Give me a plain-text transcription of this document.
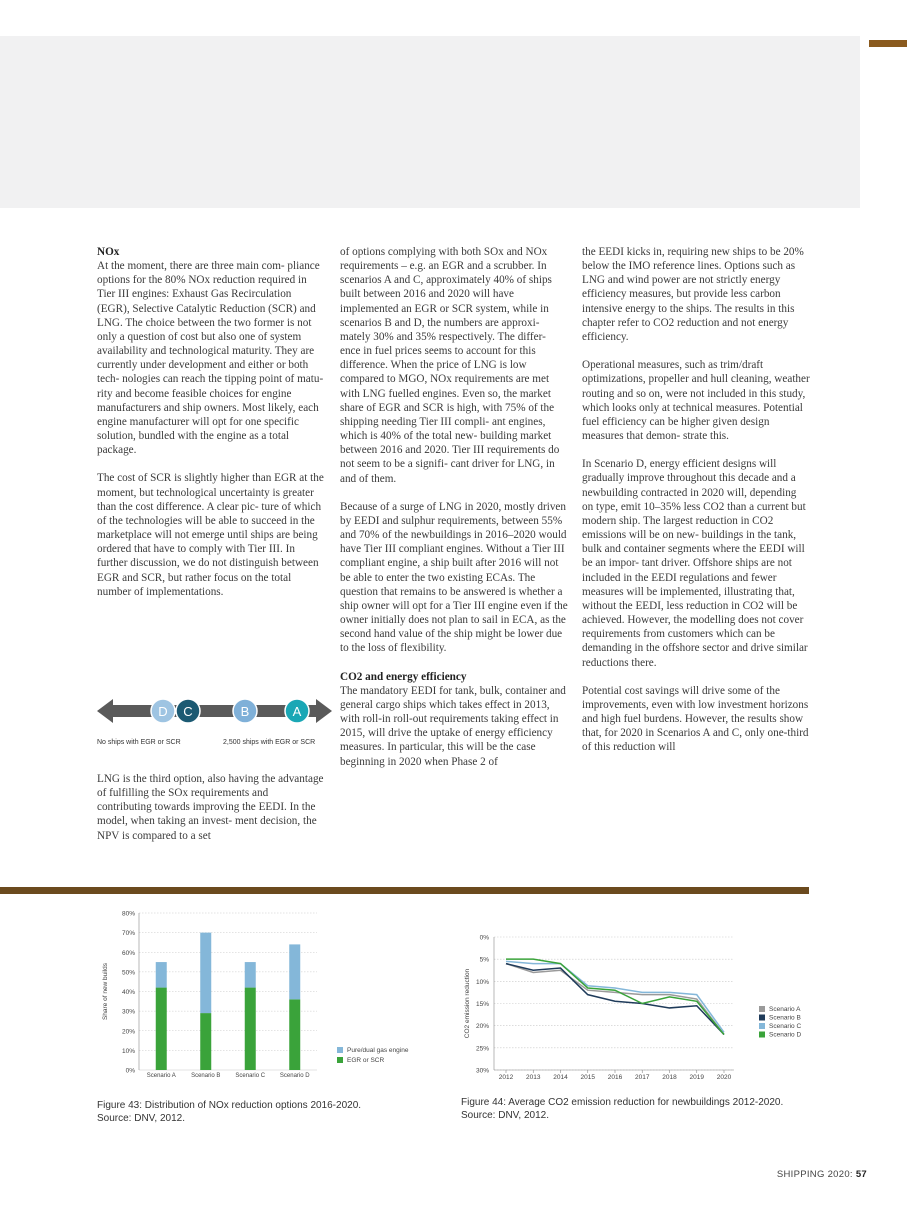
NOx

At the moment, there are three main com- pliance options for the 80% NOx reduction required in Tier III engines: Exhaust Gas Recirculation (EGR), Selective Catalytic Reduction (SCR) and LNG. The choice between the two former is not only a question of cost but also one of system availability and technological maturity. They are currently under development and either or both tech- nologies can reach the tipping point of matu- rity and become feasible choices for engine manufacturers and ship owners. Most likely, each engine manufacturer will opt for one specific solution, bundled with the engine as a total package.

The cost of SCR is slightly higher than EGR at the moment, but technological uncertainty is greater than the cost difference. A clear pic- ture of which of the technologies will be able to succeed in the marketplace will not emerge until ships are being ordered that have to comply with Tier III. In further discussion, we do not distinguish between EGR and SCR, but rather focus on the total number of implementations.

D C	B	A
No ships with EGR or SCR	2,500 ships with EGR or SCR

LNG is the third option, also having the advantage of fulfilling the SOx requirements and contributing towards improving the EEDI. In the model, when taking an invest- ment decision, the NPV is compared to a set

of options complying with both SOx and NOx requirements – e.g. an EGR and a scrubber. In scenarios A and C, approximately 40% of ships built between 2016 and 2020 will have implemented an EGR or SCR system, while in scenarios B and D, the numbers are approxi- mately 30% and 35% respectively. The differ- ence in fuel prices seems to account for this difference. When the price of LNG is low compared to MGO, NOx requirements are met with LNG fuelled engines. Even so, the market share of EGR and SCR is high, with 75% of the shipping needing Tier III compli- ant engines, which is 40% of the total new- building market between 2016 and 2020. Tier III requirements do not seem to be a signifi- cant driver for LNG, in and of them.

Because of a surge of LNG in 2020, mostly driven by EEDI and sulphur requirements, between 55% and 70% of the newbuildings in 2016–2020 would have Tier III compliant engines. Without a Tier III compliant engine, a ship built after 2016 will not be able to enter the two existing ECAs. The question that remains to be answered is whether a ship owner will opt for a Tier III engine even if the owner initially does not plan to sail in ECA, as the second hand value of the ship might be lower due to the loss of flexibility.

CO2 and energy efficiency

The mandatory EEDI for tank, bulk, container and general cargo ships which takes effect in 2013, with roll-in roll-out requirements taking effect in 2015, will drive the uptake of energy efficiency measures. In particular, this will be the case beginning in 2020 when Phase 2 of

the EEDI kicks in, requiring new ships to be 20% below the IMO reference lines. Options such as LNG and wind power are not strictly energy efficiency measures, but provide less carbon intensive energy to the ships. The results in this chapter refer to CO2 reduction and not energy efficiency.

Operational measures, such as trim/draft optimizations, propeller and hull cleaning, weather routing and so on, were not included in this study, which looks only at technical measures. Potential fuel efficiency can be higher given design measures that demon- strate this.

In Scenario D, energy efficient designs will gradually improve throughout this decade and a newbuilding contracted in 2020 will, depending on type, emit 10–35% less CO2 than a current but modern ship. The largest reduction in CO2 emissions will be on new- buildings in the tank, bulk and container segments where the EEDI will be an impor- tant driver. Offshore ships are not included in the EEDI regulations and fewer measures will be implemented, illustrating that, without the EEDI, less reduction in CO2 will be achieved. However, the modelling does not cover requirements from customers which can be demanding in the offshore sector and drive similar reductions there.

Potential cost savings will drive some of the improvements, even with low investment horizons and high fuel burdens. However, the results show that, for 2020 in Scenarios A and C, only one-third of this reduction will

0%
10%
20%
30%
40%
50%
60%
70%
80%
Share of new builds
Scenario A	Scenario B Scenario C Scenario D
Pure/dual gas engine
EGR or SCR
Figure 43: Distribution of NOx reduction options 2016-2020.
Source: DNV, 2012.
0%
5%
10%
15%
20%
25%
30%
CO2 emission reduction
2012 2013 2014 2015 2016 2017 2018 2019 2020
Scenario A
Scenario B
Scenario C
Scenario D
Figure 44: Average CO2 emission reduction for newbuildings 2012-2020.
Source: DNV, 2012.
SHIPPING 2020: 57
